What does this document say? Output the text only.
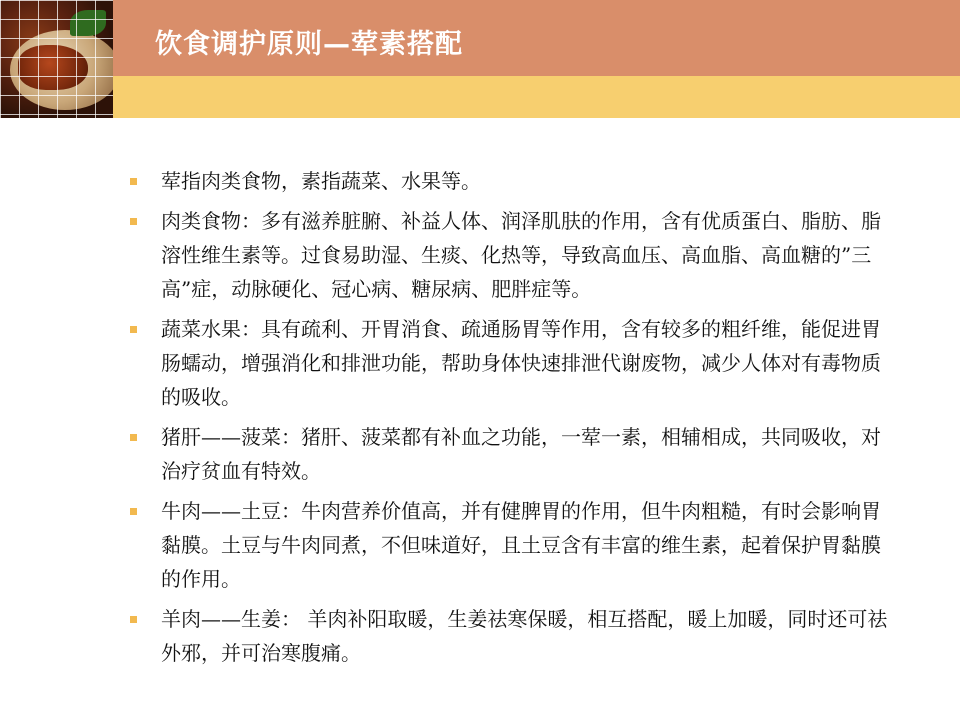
饮食调护原则—荤素搭配
荤指肉类食物，素指蔬菜、水果等。
肉类食物：多有滋养脏腑、补益人体、润泽肌肤的作用，含有优质蛋白、脂肪、脂溶性维生素等。过食易助湿、生痰、化热等，导致高血压、高血脂、高血糖的”三高”症，动脉硬化、冠心病、糖尿病、肥胖症等。
蔬菜水果：具有疏利、开胃消食、疏通肠胃等作用，含有较多的粗纤维，能促进胃肠蠕动，增强消化和排泄功能，帮助身体快速排泄代谢废物，减少人体对有毒物质的吸收。
猪肝——菠菜：猪肝、菠菜都有补血之功能，一荤一素，相辅相成，共同吸收，对治疗贫血有特效。
牛肉——土豆：牛肉营养价值高，并有健脾胃的作用，但牛肉粗糙，有时会影响胃黏膜。土豆与牛肉同煮，不但味道好，且土豆含有丰富的维生素，起着保护胃黏膜的作用。
羊肉——生姜： 羊肉补阳取暖，生姜祛寒保暖，相互搭配，暖上加暖，同时还可祛外邪，并可治寒腹痛。
